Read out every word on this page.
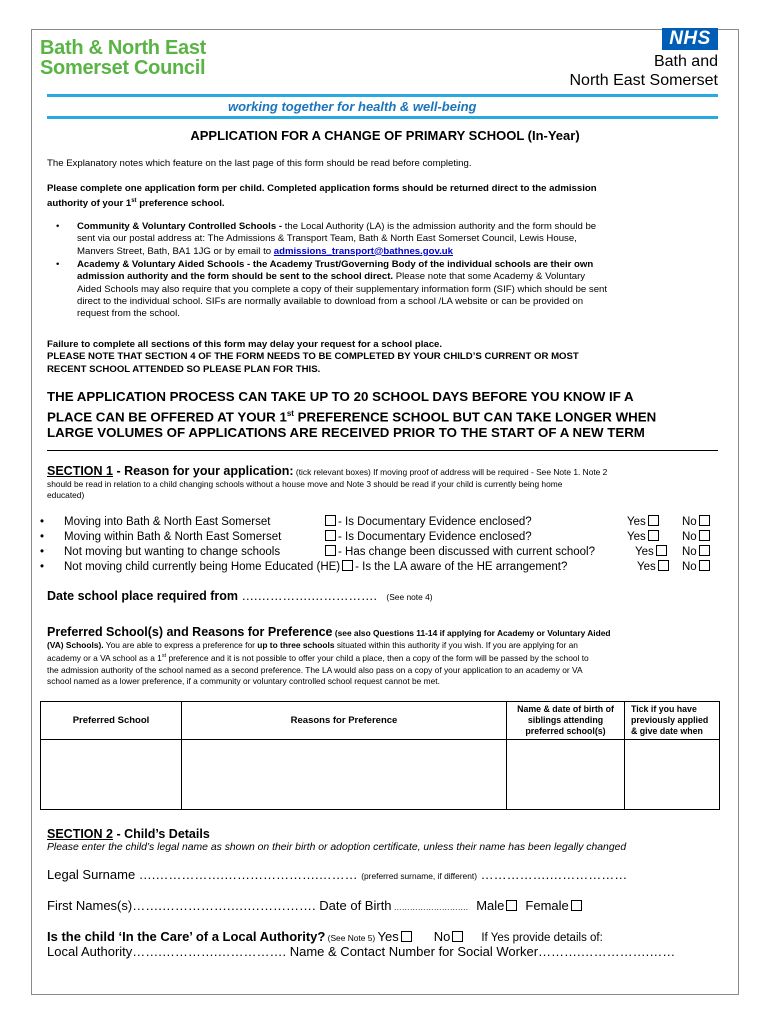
Bath & North East
Somerset Council
NHS
Bath and
North East Somerset
working together for health & well-being
APPLICATION FOR A CHANGE OF PRIMARY SCHOOL (In-Year)
The Explanatory notes which feature on the last page of this form should be read before completing.
Please complete one application form per child. Completed application forms should be returned direct to the admission
authority of your 1st preference school.
• Community & Voluntary Controlled Schools - the Local Authority (LA) is the admission authority and the form should be
sent via our postal address at: The Admissions & Transport Team, Bath & North East Somerset Council, Lewis House,
Manvers Street, Bath, BA1 1JG or by email to admissions_transport@bathnes.gov.uk
• Academy & Voluntary Aided Schools - the Academy Trust/Governing Body of the individual schools are their own
admission authority and the form should be sent to the school direct. Please note that some Academy & Voluntary
Aided Schools may also require that you complete a copy of their supplementary information form (SIF) which should be sent
direct to the individual school. SIFs are normally available to download from a school /LA website or can be provided on
request from the school.
Failure to complete all sections of this form may delay your request for a school place.
PLEASE NOTE THAT SECTION 4 OF THE FORM NEEDS TO BE COMPLETED BY YOUR CHILD’S CURRENT OR MOST
RECENT SCHOOL ATTENDED SO PLEASE PLAN FOR THIS.
THE APPLICATION PROCESS CAN TAKE UP TO 20 SCHOOL DAYS BEFORE YOU KNOW IF A
PLACE CAN BE OFFERED AT YOUR 1st PREFERENCE SCHOOL BUT CAN TAKE LONGER WHEN
LARGE VOLUMES OF APPLICATIONS ARE RECEIVED PRIOR TO THE START OF A NEW TERM
SECTION 1 - Reason for your application: (tick relevant boxes) If moving proof of address will be required - See Note 1. Note 2
should be read in relation to a child changing schools without a house move and Note 3 should be read if your child is currently being home
educated)
• Moving into Bath & North East Somerset	- Is Documentary Evidence enclosed?	Yes	No
• Moving within Bath & North East Somerset	- Is Documentary Evidence enclosed?	Yes	No
• Not moving but wanting to change schools	- Has change been discussed with current school?	Yes	No
• Not moving child currently being Home Educated (HE) - Is the LA aware of the HE arrangement?	Yes	No
Date school place required from ….………….……………. (See note 4)
Preferred School(s) and Reasons for Preference (see also Questions 11-14 if applying for Academy or Voluntary Aided
(VA) Schools). You are able to express a preference for up to three schools situated within this authority if you wish. If you are applying for an
academy or a VA school as a 1st preference and it is not possible to offer your child a place, then a copy of the form will be passed by the school to
the admission authority of the school named as a second preference. The LA would also pass on a copy of your application to an academy or VA
school named as a lower preference, if a community or voluntary controlled school request cannot be met.
Preferred School	Reasons for Preference	Name & date of birth of siblings attending preferred school(s)	Tick if you have previously applied & give date when

SECTION 2 - Child’s Details
Please enter the child’s legal name as shown on their birth or adoption certificate, unless their name has been legally changed
Legal Surname ….…………….………………….……… (preferred surname, if different) …………….………………
First Names(s)…….…………….….……………. Date of Birth ………………………. Male Female
Is the child ‘In the Care’ of a Local Authority? (See Note 5) Yes	No	If Yes provide details of:
Local Authority…….………….……………. Name & Contact Number for Social Worker……….…………….……
